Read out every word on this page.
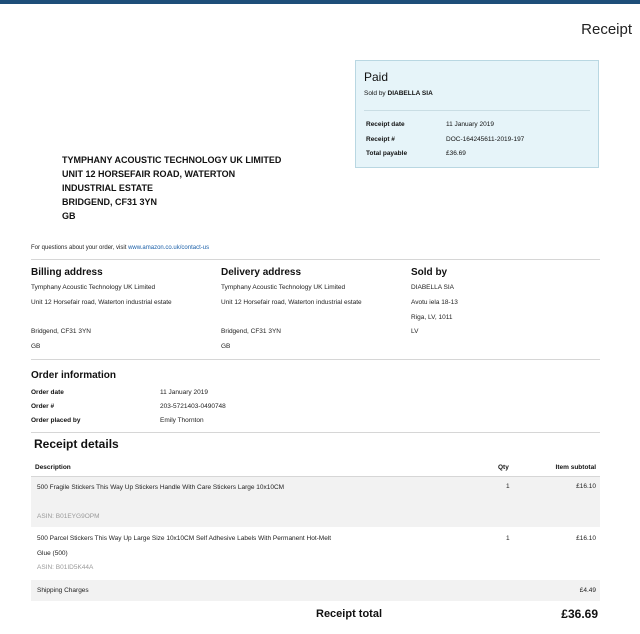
Receipt
Paid
Sold by DIABELLA SIA
Receipt date	11 January 2019
Receipt #	DOC-164245611-2019-197
Total payable	£36.69
TYMPHANY ACOUSTIC TECHNOLOGY UK LIMITED
UNIT 12 HORSEFAIR ROAD, WATERTON
INDUSTRIAL ESTATE
BRIDGEND, CF31 3YN
GB
For questions about your order, visit www.amazon.co.uk/contact-us
Billing address
Tymphany Acoustic Technology UK Limited
Unit 12 Horsefair road, Waterton industrial estate
Bridgend, CF31 3YN
GB
Delivery address
Tymphany Acoustic Technology UK Limited
Unit 12 Horsefair road, Waterton industrial estate
Bridgend, CF31 3YN
GB
Sold by
DIABELLA SIA
Avotu iela 18-13
Riga, LV, 1011
LV
Order information
Order date	11 January 2019
Order #	203-5721403-0490748
Order placed by	Emily Thornton
Receipt details
Description	Qty	Item subtotal
500 Fragile Stickers This Way Up Stickers Handle With Care Stickers Large 10x10CM
ASIN: B01EYG9OPM
1	£16.10
500 Parcel Stickers This Way Up Large Size 10x10CM Self Adhesive Labels With Permanent Hot-Melt Glue (500)
ASIN: B01ID5K44A
1	£16.10
Shipping Charges	£4.49
Receipt total	£36.69
